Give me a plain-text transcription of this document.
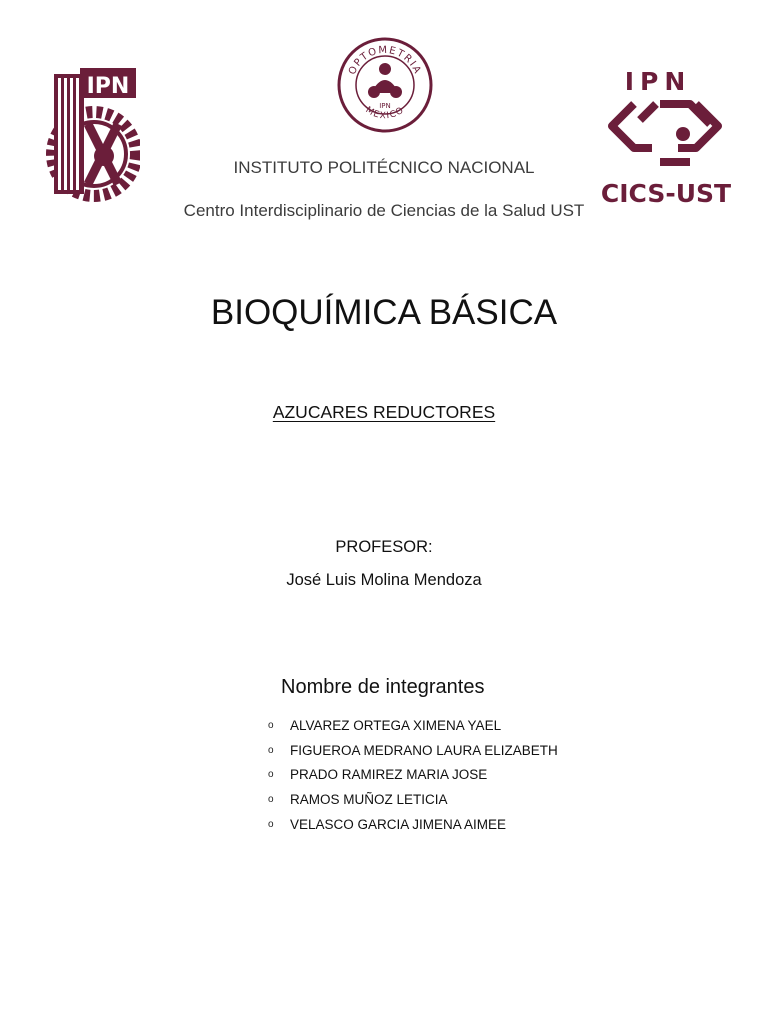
IPN
OPTOMETRIA
MEXICO
IPN
IPN
CICS-UST

INSTITUTO POLITÉCNICO NACIONAL

Centro Interdisciplinario de Ciencias de la Salud UST

BIOQUÍMICA BÁSICA

AZUCARES REDUCTORES

PROFESOR:

José Luis Molina Mendoza

Nombre de integrantes

o ALVAREZ ORTEGA XIMENA YAEL
o FIGUEROA MEDRANO LAURA ELIZABETH
o PRADO RAMIREZ MARIA JOSE
o RAMOS MUÑOZ LETICIA
o VELASCO GARCIA JIMENA AIMEE
